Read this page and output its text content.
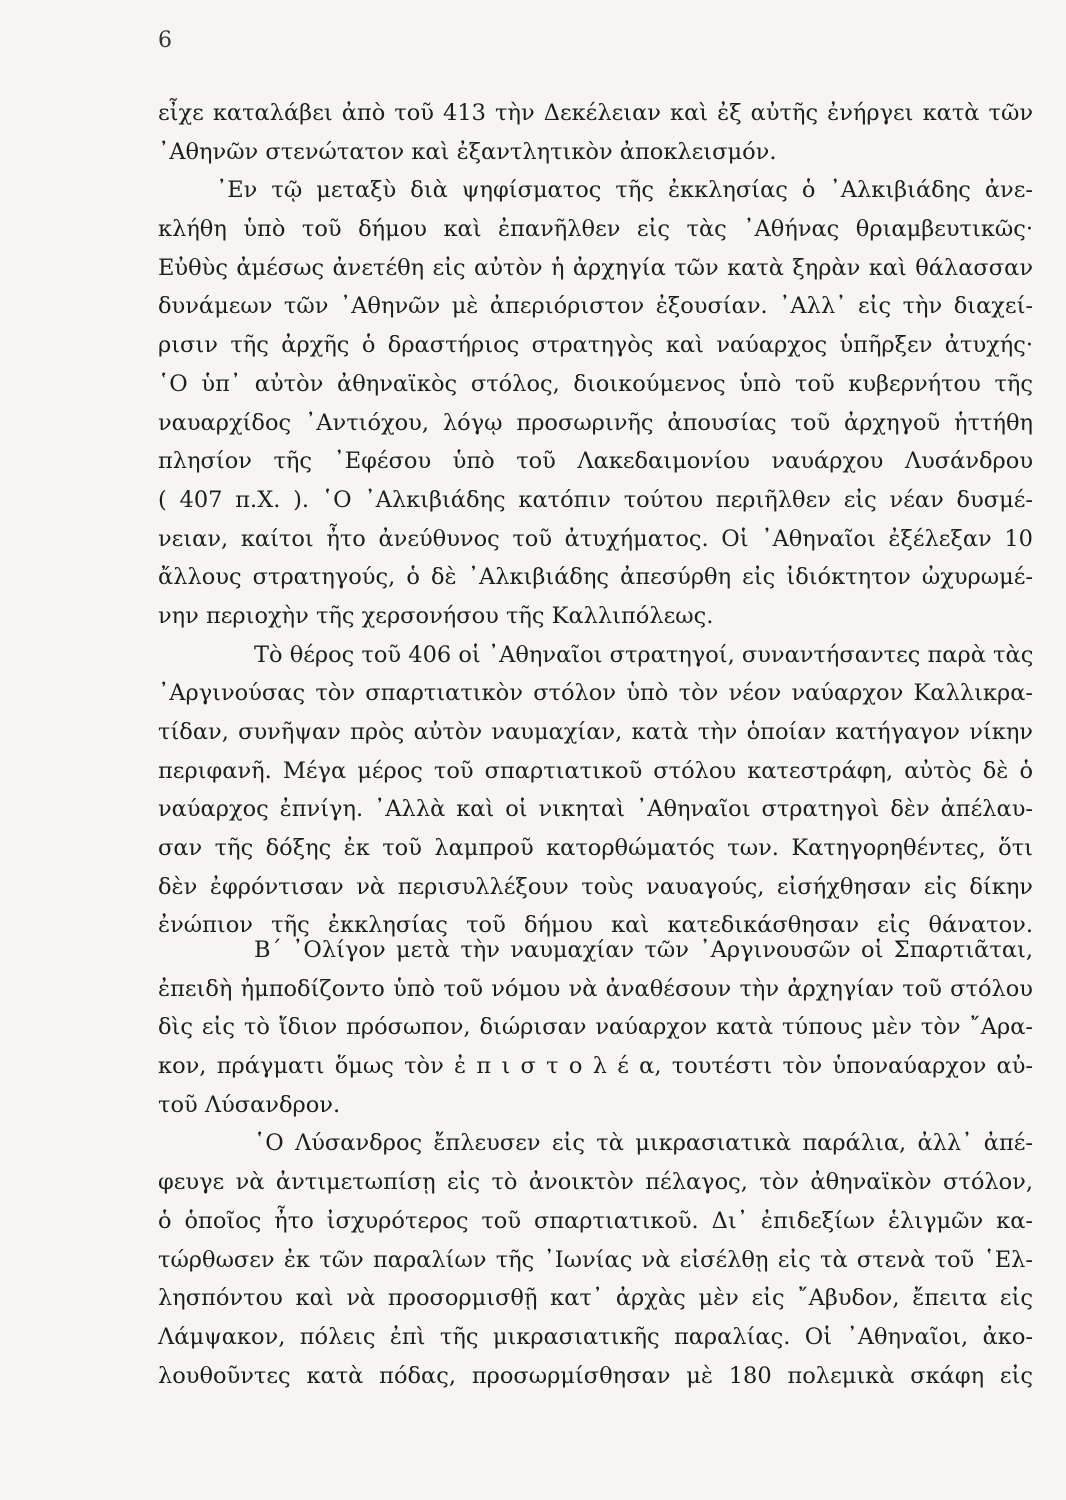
6
εἶχε καταλάβει ἀπὸ τοῦ 413 τὴν Δεκέλειαν καὶ ἐξ αὐτῆς ἐνήργει κατὰ τῶν
᾿Αθηνῶν στενώτατον καὶ ἐξαντλητικὸν ἀποκλεισμόν.
᾿Εν τῷ μεταξὺ διὰ ψηφίσματος τῆς ἐκκλησίας ὁ ᾿Αλκιβιάδης ἀνε-
κλήθη ὑπὸ τοῦ δήμου καὶ ἐπανῆλθεν εἰς τὰς ᾿Αθήνας θριαμβευτικῶς·
Εὐθὺς ἀμέσως ἀνετέθη εἰς αὐτὸν ἡ ἀρχηγία τῶν κατὰ ξηρὰν καὶ θάλασσαν
δυνάμεων τῶν ᾿Αθηνῶν μὲ ἀπεριόριστον ἐξουσίαν. ᾿Αλλ᾿ εἰς τὴν διαχεί-
ρισιν τῆς ἀρχῆς ὁ δραστήριος στρατηγὸς καὶ ναύαρχος ὑπῆρξεν ἀτυχής·
῾Ο ὑπ᾿ αὐτὸν ἀθηναϊκὸς στόλος, διοικούμενος ὑπὸ τοῦ κυβερνήτου τῆς
ναυαρχίδος ᾿Αντιόχου, λόγῳ προσωρινῆς ἀπουσίας τοῦ ἀρχηγοῦ ἡττήθη
πλησίον τῆς ᾿Εφέσου ὑπὸ τοῦ Λακεδαιμονίου ναυάρχου Λυσάνδρου
( 407 π.Χ. ). ῾Ο ᾿Αλκιβιάδης κατόπιν τούτου περιῆλθεν εἰς νέαν δυσμέ-
νειαν, καίτοι ἦτο ἀνεύθυνος τοῦ ἀτυχήματος. Οἱ ᾿Αθηναῖοι ἐξέλεξαν 10
ἄλλους στρατηγούς, ὁ δὲ ᾿Αλκιβιάδης ἀπεσύρθη εἰς ἰδιόκτητον ὠχυρωμέ-
νην περιοχὴν τῆς χερσονήσου τῆς Καλλιπόλεως.
Τὸ θέρος τοῦ 406 οἱ ᾿Αθηναῖοι στρατηγοί, συναντήσαντες παρὰ τὰς
᾿Αργινούσας τὸν σπαρτιατικὸν στόλον ὑπὸ τὸν νέον ναύαρχον Καλλικρα-
τίδαν, συνῆψαν πρὸς αὐτὸν ναυμαχίαν, κατὰ τὴν ὁποίαν κατήγαγον νίκην
περιφανῆ. Μέγα μέρος τοῦ σπαρτιατικοῦ στόλου κατεστράφη, αὐτὸς δὲ ὁ
ναύαρχος ἐπνίγη. ᾿Αλλὰ καὶ οἱ νικηταὶ ᾿Αθηναῖοι στρατηγοὶ δὲν ἀπέλαυ-
σαν τῆς δόξης ἐκ τοῦ λαμπροῦ κατορθώματός των. Κατηγορηθέντες, ὅτι
δὲν ἐφρόντισαν νὰ περισυλλέξουν τοὺς ναυαγούς, εἰσήχθησαν εἰς δίκην
ἐνώπιον τῆς ἐκκλησίας τοῦ δήμου καὶ κατεδικάσθησαν εἰς θάνατον.
Β΄ ᾿Ολίγον μετὰ τὴν ναυμαχίαν τῶν ᾿Αργινουσῶν οἱ Σπαρτιᾶται,
ἐπειδὴ ἠμποδίζοντο ὑπὸ τοῦ νόμου νὰ ἀναθέσουν τὴν ἀρχηγίαν τοῦ στόλου
δὶς εἰς τὸ ἴδιον πρόσωπον, διώρισαν ναύαρχον κατὰ τύπους μὲν τὸν ῎Αρα-
κον, πράγματι ὅμως τὸν ἐ π ι σ τ ο λ έ α, τουτέστι τὸν ὑποναύαρχον αὐ-
τοῦ Λύσανδρον.
῾Ο Λύσανδρος ἔπλευσεν εἰς τὰ μικρασιατικὰ παράλια, ἀλλ᾿ ἀπέ-
φευγε νὰ ἀντιμετωπίσῃ εἰς τὸ ἀνοικτὸν πέλαγος, τὸν ἀθηναϊκὸν στόλον,
ὁ ὁποῖος ἦτο ἰσχυρότερος τοῦ σπαρτιατικοῦ. Δι᾿ ἐπιδεξίων ἑλιγμῶν κα-
τώρθωσεν ἐκ τῶν παραλίων τῆς ᾿Ιωνίας νὰ εἰσέλθῃ εἰς τὰ στενὰ τοῦ ῾Ελ-
λησπόντου καὶ νὰ προσορμισθῇ κατ᾿ ἀρχὰς μὲν εἰς ῎Αβυδον, ἔπειτα εἰς
Λάμψακον, πόλεις ἐπὶ τῆς μικρασιατικῆς παραλίας. Οἱ ᾿Αθηναῖοι, ἀκο-
λουθοῦντες κατὰ πόδας, προσωρμίσθησαν μὲ 180 πολεμικὰ σκάφη εἰς
